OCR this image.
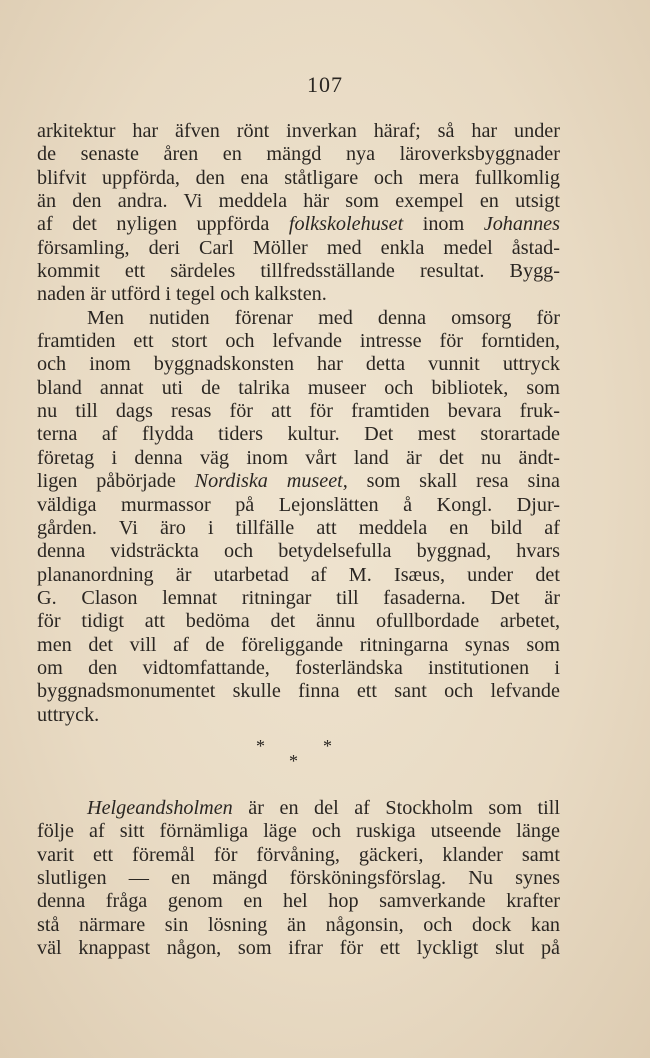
107
arkitektur har äfven rönt inverkan häraf; så har under
de senaste åren en mängd nya läroverksbyggnader
blifvit uppförda, den ena ståtligare och mera fullkomlig
än den andra. Vi meddela här som exempel en utsigt
af det nyligen uppförda folkskolehuset inom Johannes
församling, deri Carl Möller med enkla medel åstad-
kommit ett särdeles tillfredsställande resultat. Bygg-
naden är utförd i tegel och kalksten.
Men nutiden förenar med denna omsorg för
framtiden ett stort och lefvande intresse för forntiden,
och inom byggnadskonsten har detta vunnit uttryck
bland annat uti de talrika museer och bibliotek, som
nu till dags resas för att för framtiden bevara fruk-
terna af flydda tiders kultur. Det mest storartade
företag i denna väg inom vårt land är det nu ändt-
ligen påbörjade Nordiska museet, som skall resa sina
väldiga murmassor på Lejonslätten å Kongl. Djur-
gården. Vi äro i tillfälle att meddela en bild af
denna vidsträckta och betydelsefulla byggnad, hvars
plananordning är utarbetad af M. Isæus, under det
G. Clason lemnat ritningar till fasaderna. Det är
för tidigt att bedöma det ännu ofullbordade arbetet,
men det vill af de föreliggande ritningarna synas som
om den vidtomfattande, fosterländska institutionen i
byggnadsmonumentet skulle finna ett sant och lefvande
uttryck.
*	*
*
Helgeandsholmen är en del af Stockholm som till
följe af sitt förnämliga läge och ruskiga utseende länge
varit ett föremål för förvåning, gäckeri, klander samt
slutligen — en mängd försköningsförslag. Nu synes
denna fråga genom en hel hop samverkande krafter
stå närmare sin lösning än någonsin, och dock kan
väl knappast någon, som ifrar för ett lyckligt slut på
